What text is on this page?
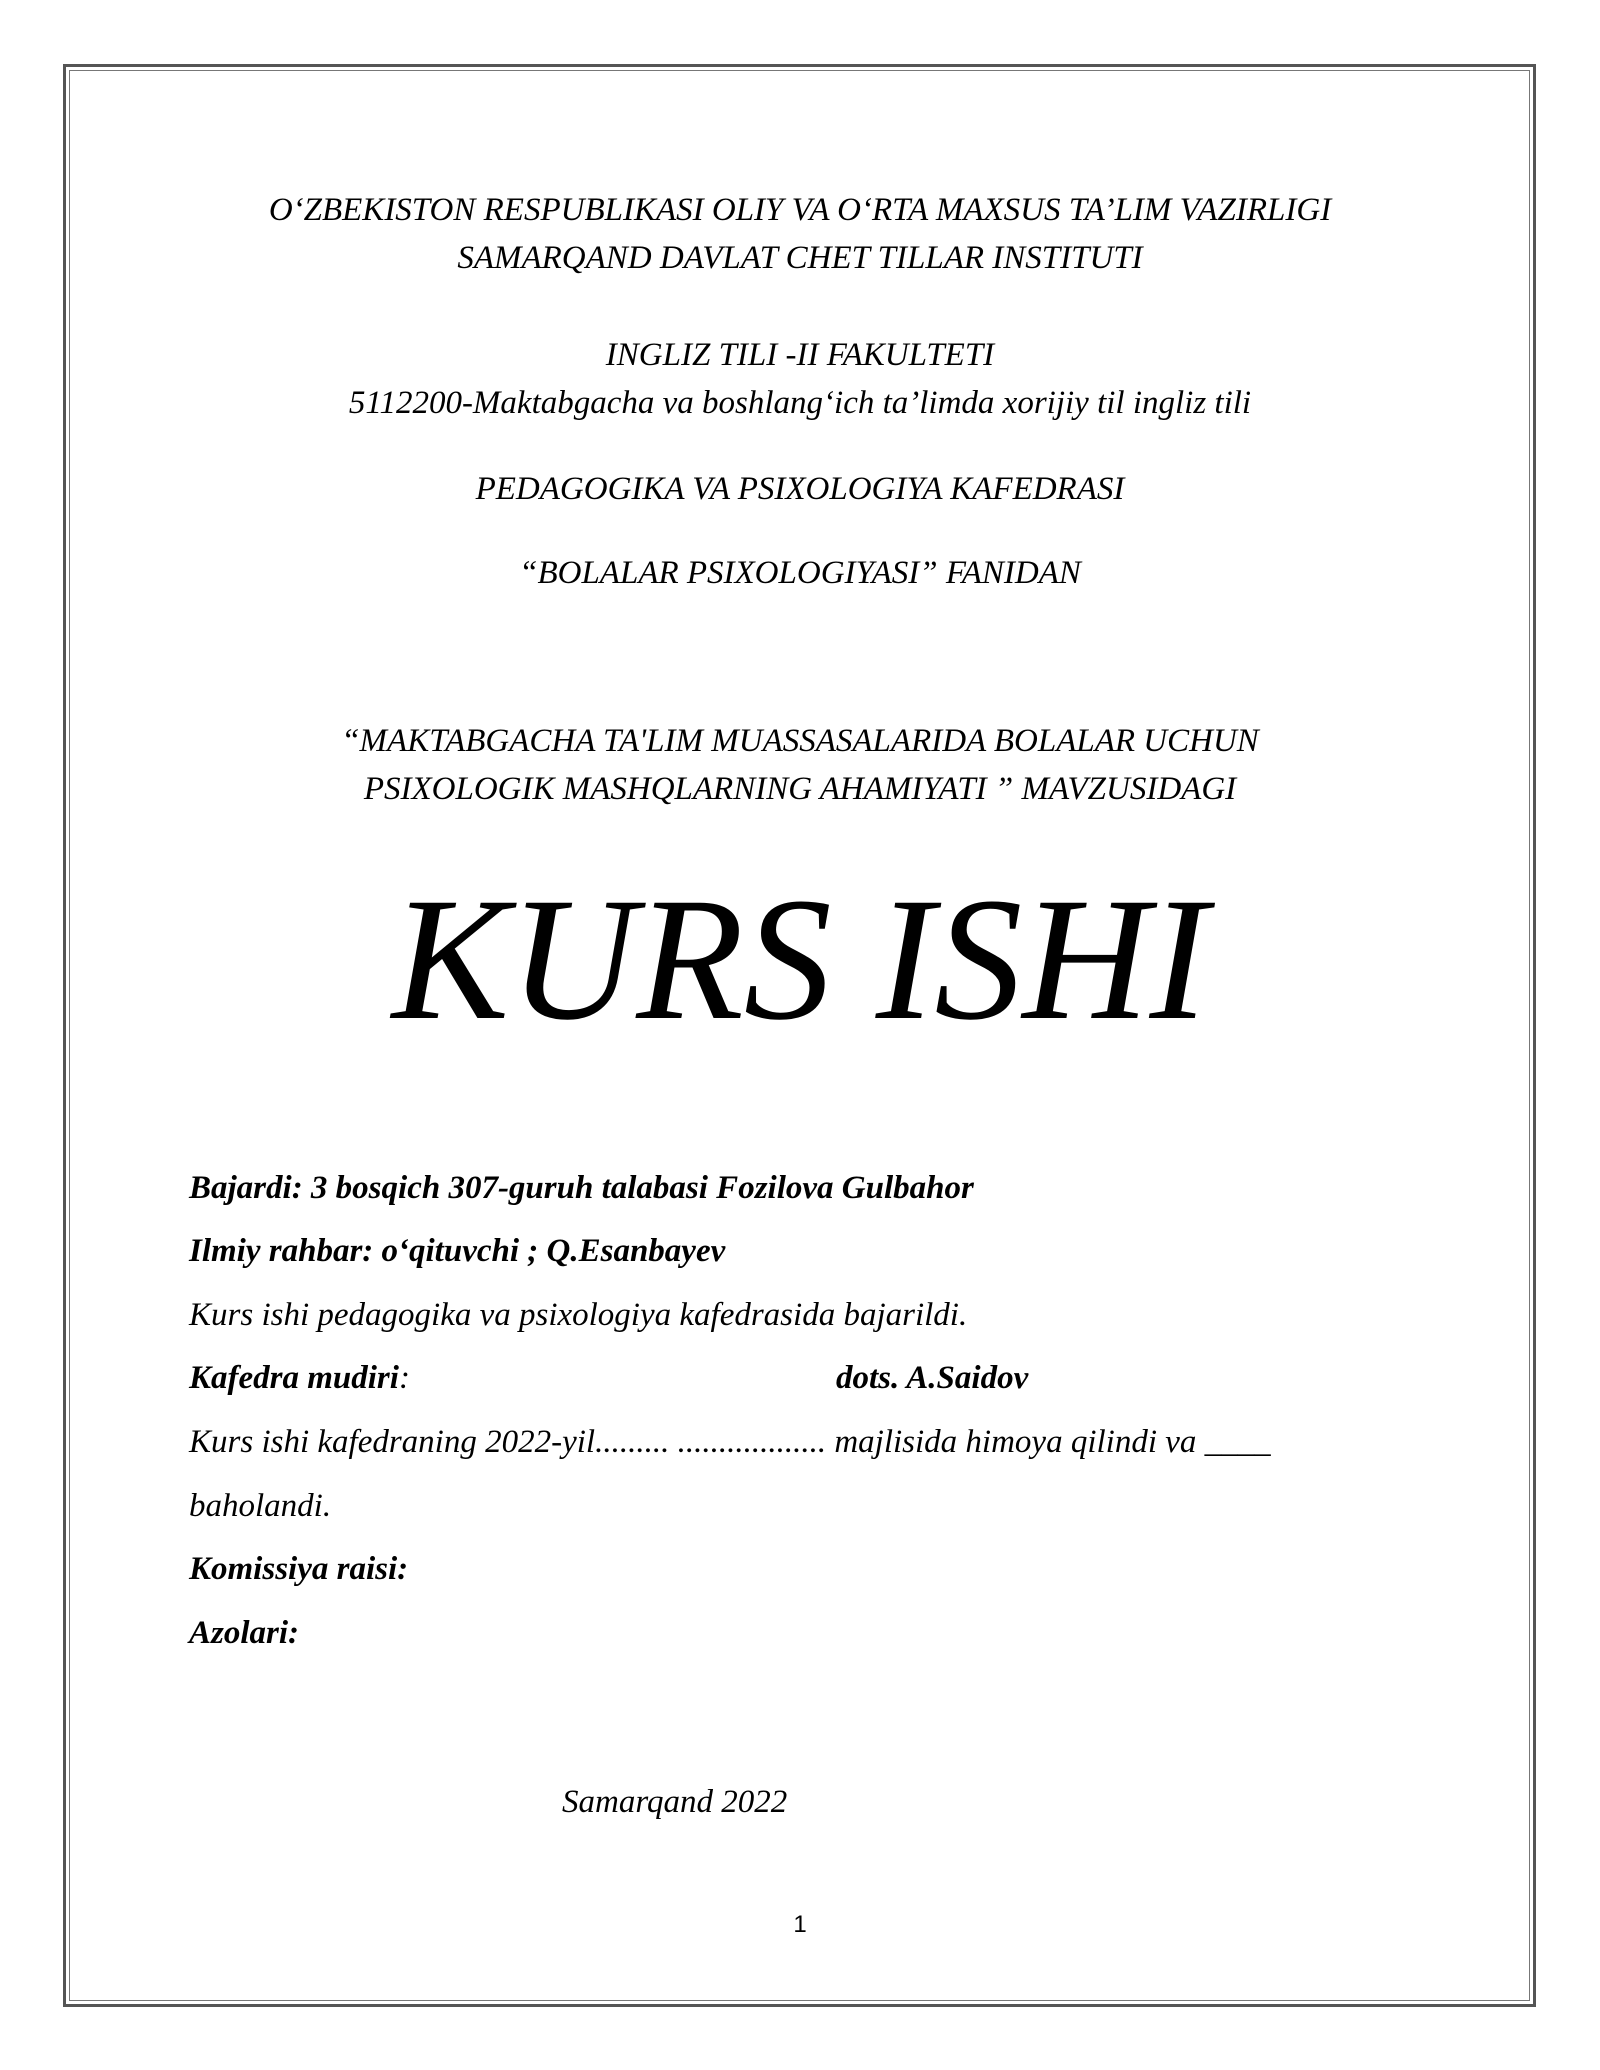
O‘ZBEKISTON RESPUBLIKASI OLIY VA O‘RTA MAXSUS TA’LIM VAZIRLIGI
SAMARQAND DAVLAT CHET TILLAR INSTITUTI
INGLIZ TILI -II FAKULTETI
5112200-Maktabgacha va boshlang‘ich ta’limda xorijiy til ingliz tili
PEDAGOGIKA VA PSIXOLOGIYA KAFEDRASI
“BOLALAR PSIXOLOGIYASI” FANIDAN
“MAKTABGACHA TA'LIM MUASSASALARIDA BOLALAR UCHUN
PSIXOLOGIK MASHQLARNING AHAMIYATI ” MAVZUSIDAGI
KURS ISHI
Bajardi: 3 bosqich 307-guruh talabasi Fozilova Gulbahor
Ilmiy rahbar: o‘qituvchi ; Q.Esanbayev
Kurs ishi pedagogika va psixologiya kafedrasida bajarildi.
Kafedra mudiri:	dots. A.Saidov
Kurs ishi kafedraning 2022-yil......... .................. majlisida himoya qilindi va ____
baholandi.
Komissiya raisi:
Azolari:
Samarqand 2022
1
